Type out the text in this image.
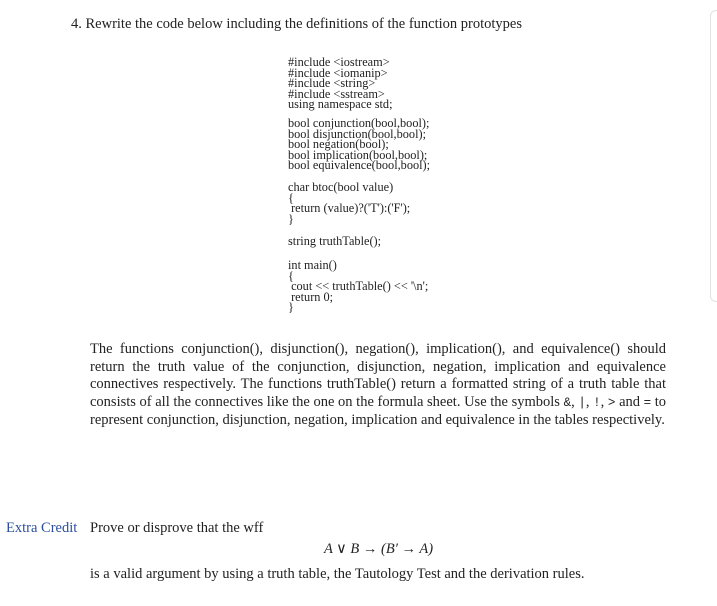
4. Rewrite the code below including the definitions of the function prototypes
#include <iostream>
#include <iomanip>
#include <string>
#include <sstream>
using namespace std;
bool conjunction(bool,bool);
bool disjunction(bool,bool);
bool negation(bool);
bool implication(bool,bool);
bool equivalence(bool,bool);
char btoc(bool value)
{
return (value)?('T'):('F');
}
string truthTable();
int main()
{
cout << truthTable() << '\n';
return 0;
}
The functions conjunction(), disjunction(), negation(), implication(), and equivalence() should return the truth value of the conjunction, disjunction, negation, implication and equivalence connectives respectively. The functions truthTable() return a formatted string of a truth table that consists of all the connectives like the one on the formula sheet. Use the symbols &, |, !, > and = to represent conjunction, disjunction, negation, implication and equivalence in the tables respectively.
Extra Credit Prove or disprove that the wff
A ∨ B → (B′ → A)
is a valid argument by using a truth table, the Tautology Test and the derivation rules.
